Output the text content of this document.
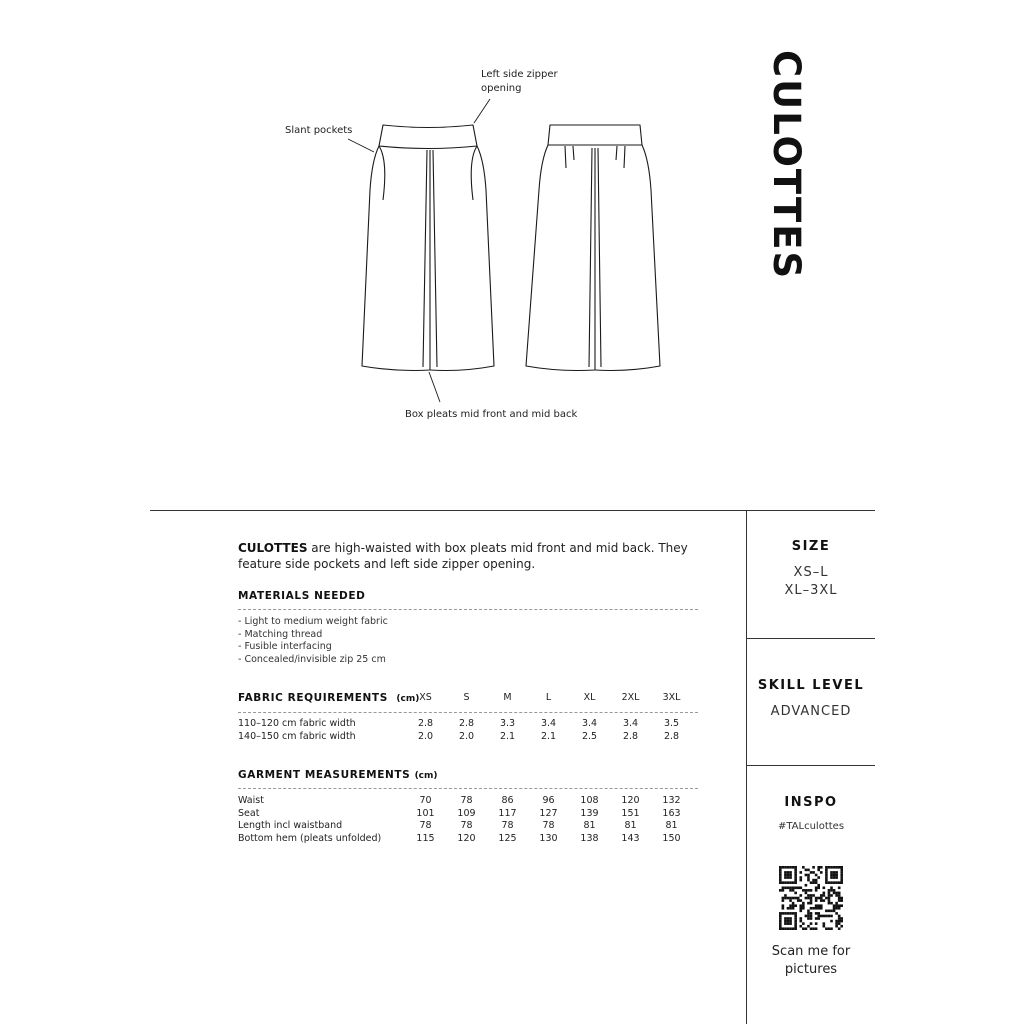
CULOTTES
Left side zipper
opening
Slant pockets
Box pleats mid front and mid back
CULOTTES are high-waisted with box pleats mid front and mid back. They feature side pockets and left side zipper opening.
MATERIALS NEEDED
- Light to medium weight fabric
- Matching thread
- Fusible interfacing
- Concealed/invisible zip 25 cm
FABRIC REQUIREMENTS (cm) XS	S	M	L	XL	2XL	3XL
110–120 cm fabric width	2.8	2.8	3.3	3.4	3.4	3.4	3.5
140–150 cm fabric width	2.0	2.0	2.1	2.1	2.5	2.8	2.8
GARMENT MEASUREMENTS (cm)
Waist	70	78	86	96	108	120	132
Seat	101	109	117	127	139	151	163
Length incl waistband	78	78	78	78	81	81	81
Bottom hem (pleats unfolded)	115	120	125	130	138	143	150
SIZE
XS–L
XL–3XL
SKILL LEVEL
ADVANCED
INSPO
#TALculottes
Scan me for
pictures
